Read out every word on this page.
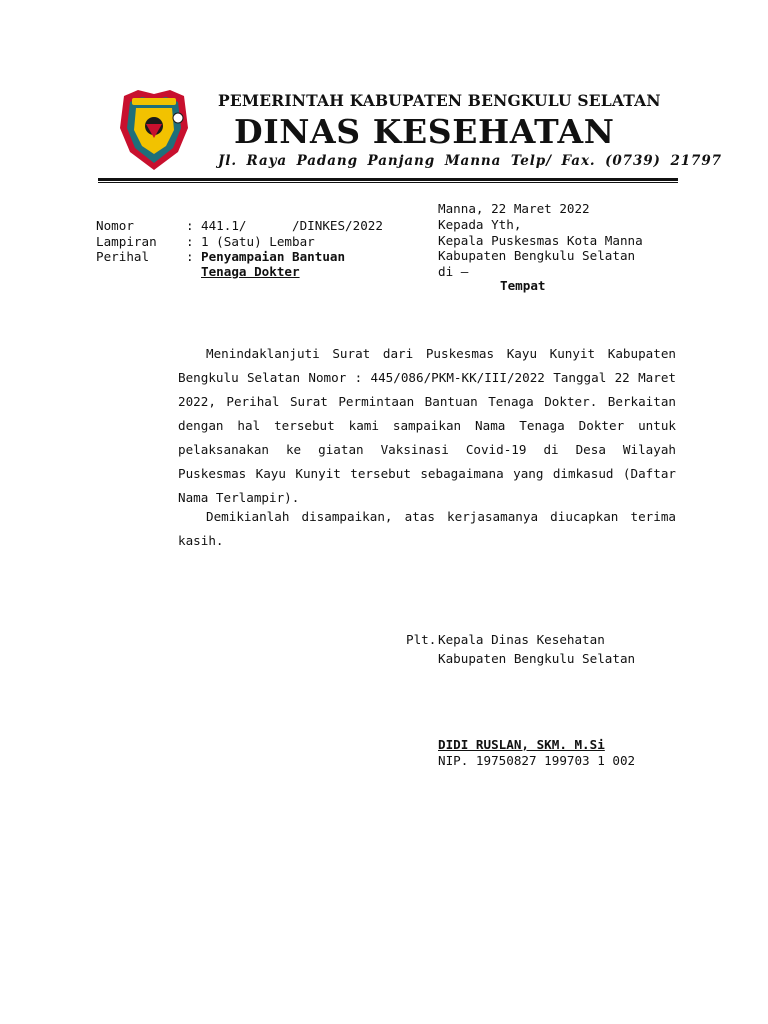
PEMERINTAH KABUPATEN BENGKULU SELATAN
DINAS KESEHATAN
Jl. Raya Padang Panjang Manna Telp/ Fax. (0739) 21797
Manna, 22 Maret 2022
Kepada Yth,
Kepala Puskesmas Kota Manna
Kabupaten Bengkulu Selatan
di –
Tempat
Nomor	: 441.1/      /DINKES/2022
Lampiran : 1 (Satu) Lembar
Perihal	: Penyampaian Bantuan
Tenaga Dokter
Menindaklanjuti Surat dari Puskesmas Kayu Kunyit Kabupaten Bengkulu Selatan Nomor : 445/086/PKM-KK/III/2022 Tanggal 22 Maret 2022, Perihal Surat Permintaan Bantuan Tenaga Dokter. Berkaitan dengan hal tersebut kami sampaikan Nama Tenaga Dokter untuk pelaksanakan ke giatan Vaksinasi Covid-19 di Desa Wilayah Puskesmas Kayu Kunyit tersebut sebagaimana yang dimkasud (Daftar Nama Terlampir).
Demikianlah disampaikan, atas kerjasamanya diucapkan terima kasih.
Plt. Kepala Dinas Kesehatan
Kabupaten Bengkulu Selatan
DIDI RUSLAN, SKM. M.Si
NIP. 19750827 199703 1 002
